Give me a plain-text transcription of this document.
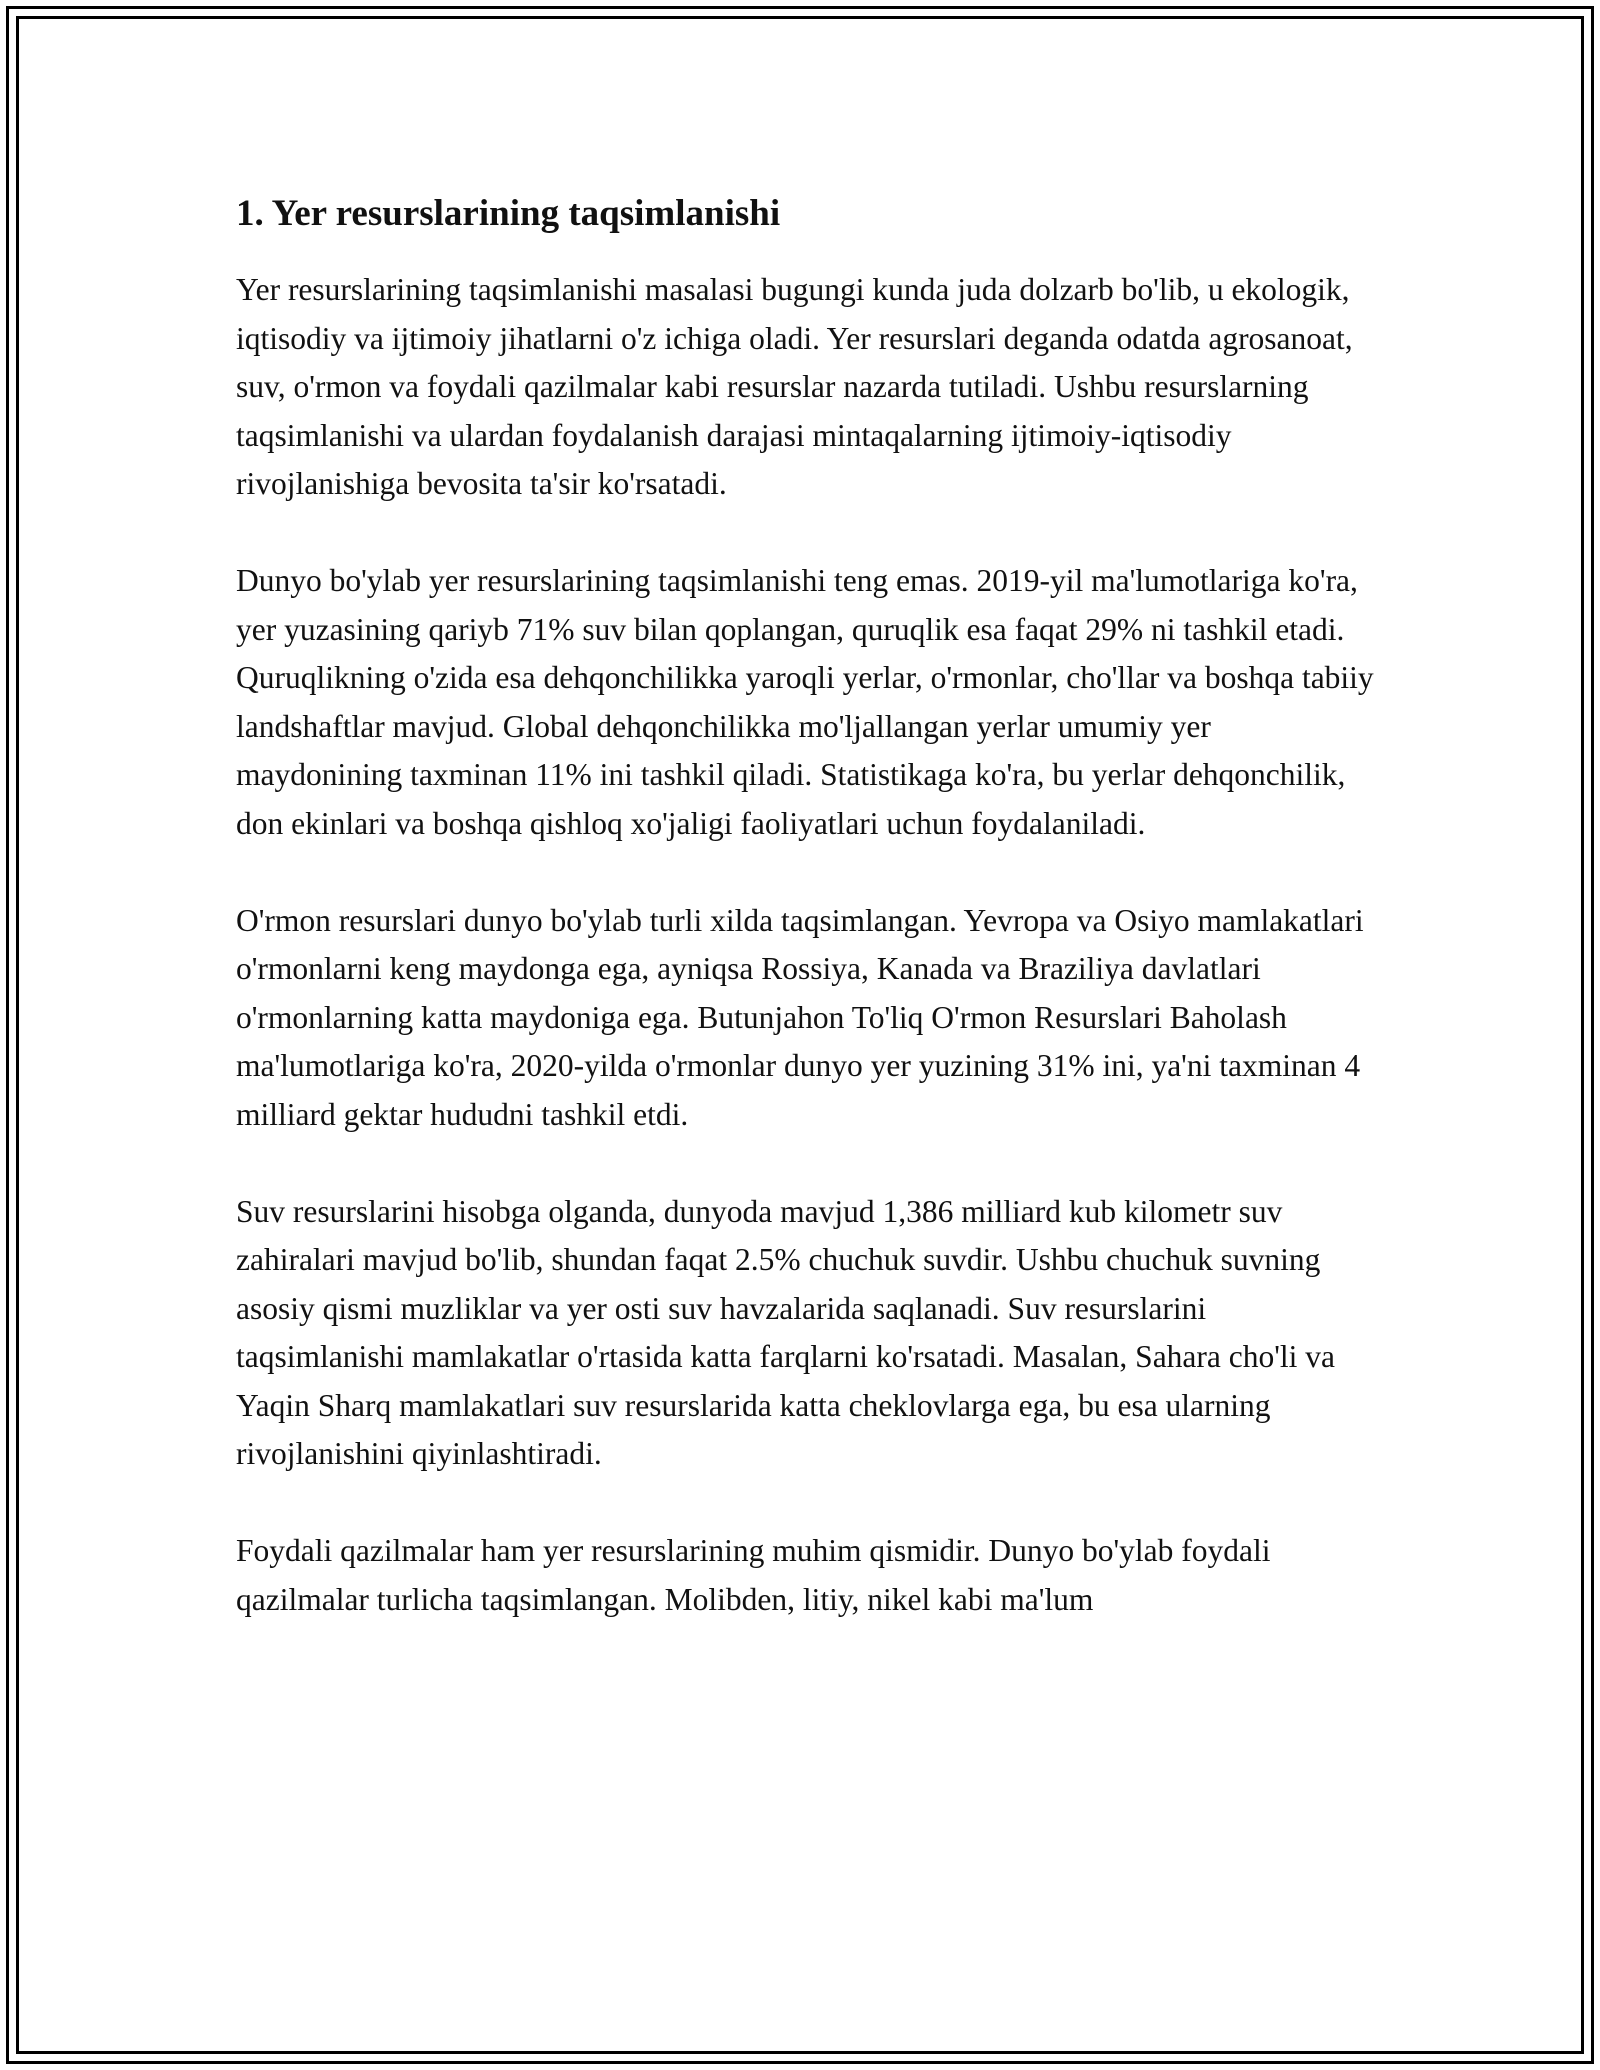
1. Yer resurslarining taqsimlanishi

Yer resurslarining taqsimlanishi masalasi bugungi kunda juda dolzarb bo'lib, u ekologik, iqtisodiy va ijtimoiy jihatlarni o'z ichiga oladi. Yer resurslari deganda odatda agrosanoat, suv, o'rmon va foydali qazilmalar kabi resurslar nazarda tutiladi. Ushbu resurslarning taqsimlanishi va ulardan foydalanish darajasi mintaqalarning ijtimoiy-iqtisodiy rivojlanishiga bevosita ta'sir ko'rsatadi.

Dunyo bo'ylab yer resurslarining taqsimlanishi teng emas. 2019-yil ma'lumotlariga ko'ra, yer yuzasining qariyb 71% suv bilan qoplangan, quruqlik esa faqat 29% ni tashkil etadi. Quruqlikning o'zida esa dehqonchilikka yaroqli yerlar, o'rmonlar, cho'llar va boshqa tabiiy landshaftlar mavjud. Global dehqonchilikka mo'ljallangan yerlar umumiy yer maydonining taxminan 11% ini tashkil qiladi. Statistikaga ko'ra, bu yerlar dehqonchilik, don ekinlari va boshqa qishloq xo'jaligi faoliyatlari uchun foydalaniladi.

O'rmon resurslari dunyo bo'ylab turli xilda taqsimlangan. Yevropa va Osiyo mamlakatlari o'rmonlarni keng maydonga ega, ayniqsa Rossiya, Kanada va Braziliya davlatlari o'rmonlarning katta maydoniga ega. Butunjahon To'liq O'rmon Resurslari Baholash ma'lumotlariga ko'ra, 2020-yilda o'rmonlar dunyo yer yuzining 31% ini, ya'ni taxminan 4 milliard gektar hududni tashkil etdi.

Suv resurslarini hisobga olganda, dunyoda mavjud 1,386 milliard kub kilometr suv zahiralari mavjud bo'lib, shundan faqat 2.5% chuchuk suvdir. Ushbu chuchuk suvning asosiy qismi muzliklar va yer osti suv havzalarida saqlanadi. Suv resurslarini taqsimlanishi mamlakatlar o'rtasida katta farqlarni ko'rsatadi. Masalan, Sahara cho'li va Yaqin Sharq mamlakatlari suv resurslarida katta cheklovlarga ega, bu esa ularning rivojlanishini qiyinlashtiradi.

Foydali qazilmalar ham yer resurslarining muhim qismidir. Dunyo bo'ylab foydali qazilmalar turlicha taqsimlangan. Molibden, litiy, nikel kabi ma'lum
